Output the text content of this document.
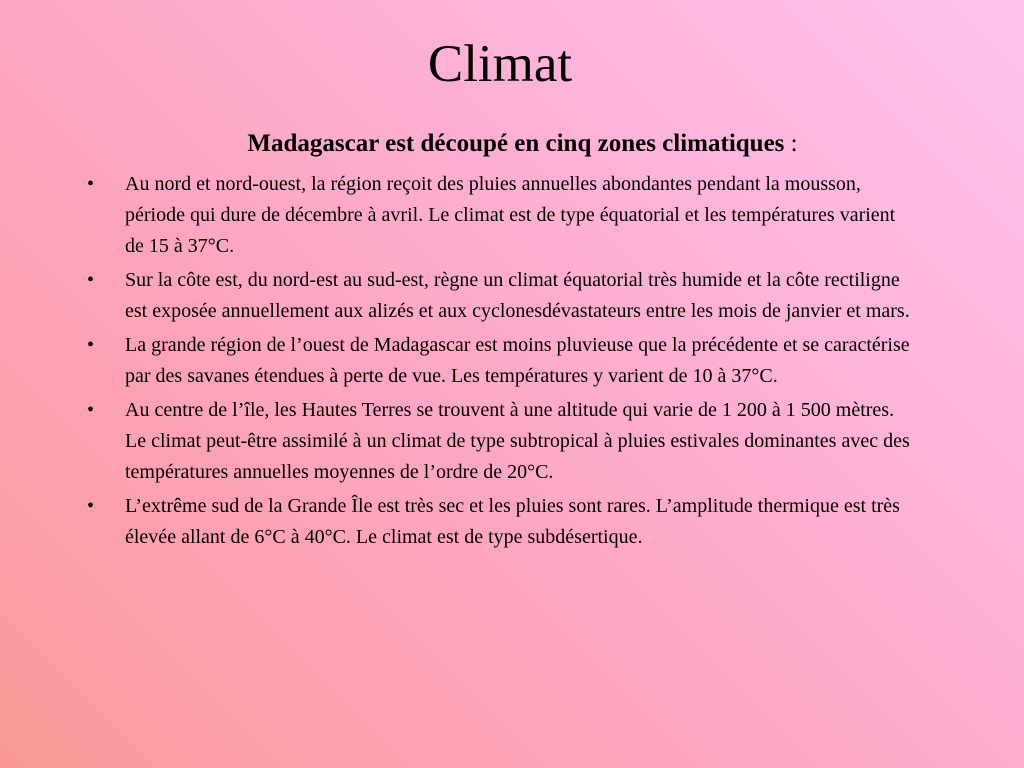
Climat

Madagascar est découpé en cinq zones climatiques :

•	Au nord et nord-ouest, la région reçoit des pluies annuelles abondantes pendant la mousson, période qui dure de décembre à avril. Le climat est de type équatorial et les températures varient de 15 à 37°C.
•	Sur la côte est, du nord-est au sud-est, règne un climat équatorial très humide et la côte rectiligne est exposée annuellement aux alizés et aux cyclonesdévastateurs entre les mois de janvier et mars.
•	La grande région de l’ouest de Madagascar est moins pluvieuse que la précédente et se caractérise par des savanes étendues à perte de vue. Les températures y varient de 10 à 37°C.
•	Au centre de l’île, les Hautes Terres se trouvent à une altitude qui varie de 1 200 à 1 500 mètres. Le climat peut-être assimilé à un climat de type subtropical à pluies estivales dominantes avec des températures annuelles moyennes de l’ordre de 20°C.
•	L’extrême sud de la Grande Île est très sec et les pluies sont rares. L’amplitude thermique est très élevée allant de 6°C à 40°C. Le climat est de type subdésertique.
